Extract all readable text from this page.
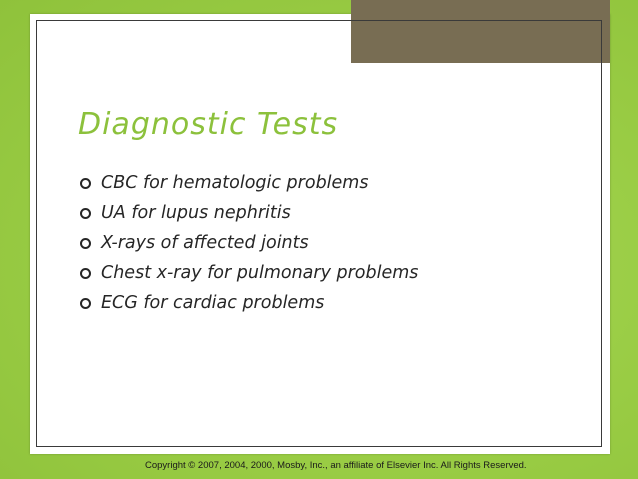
Diagnostic Tests
CBC for hematologic problems
UA for lupus nephritis
X-rays of affected joints
Chest x-ray for pulmonary problems
ECG for cardiac problems
Copyright © 2007, 2004, 2000, Mosby, Inc., an affiliate of Elsevier Inc. All Rights Reserved.
